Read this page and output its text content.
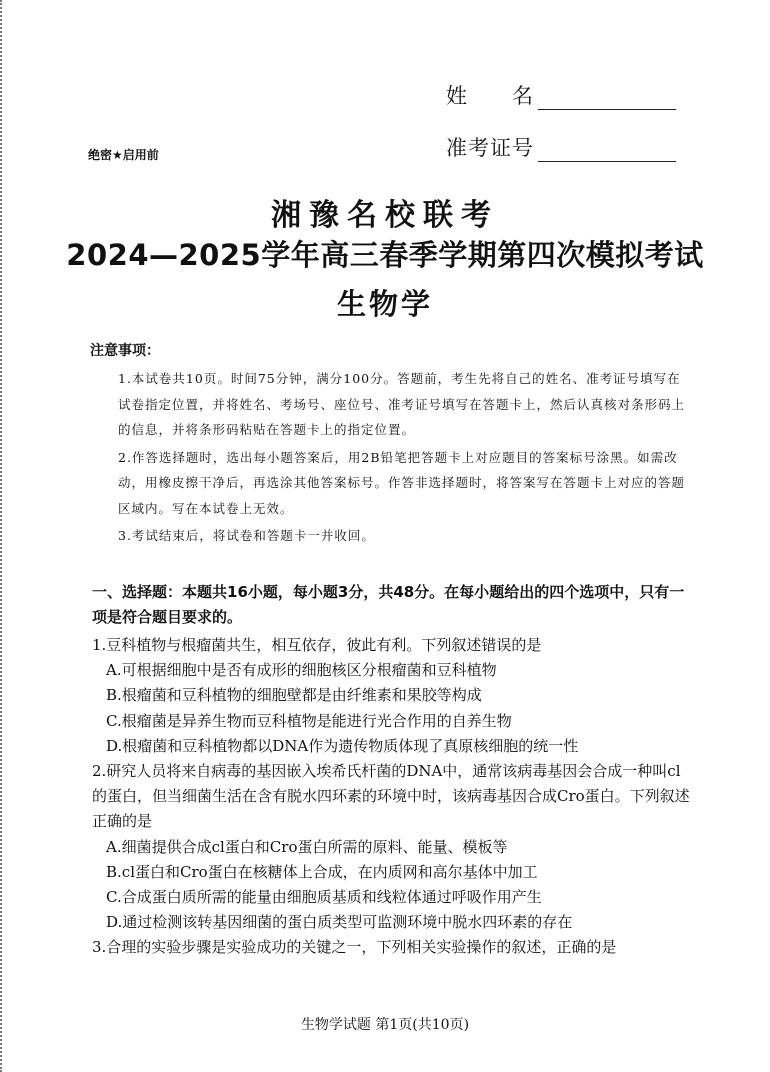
姓　　名
准考证号
绝密★启用前
湘豫名校联考
2024—2025学年高三春季学期第四次模拟考试
生物学
注意事项：

1.本试卷共10页。时间75分钟，满分100分。答题前，考生先将自己的姓名、准考证号填写在试卷指定位置，并将姓名、考场号、座位号、准考证号填写在答题卡上，然后认真核对条形码上的信息，并将条形码粘贴在答题卡上的指定位置。

2.作答选择题时，选出每小题答案后，用2B铅笔把答题卡上对应题目的答案标号涂黑。如需改动，用橡皮擦干净后，再选涂其他答案标号。作答非选择题时，将答案写在答题卡上对应的答题区域内。写在本试卷上无效。

3.考试结束后，将试卷和答题卡一并收回。

一、选择题：本题共16小题，每小题3分，共48分。在每小题给出的四个选项中，只有一项是符合题目要求的。

1.豆科植物与根瘤菌共生，相互依存，彼此有利。下列叙述错误的是

A.可根据细胞中是否有成形的细胞核区分根瘤菌和豆科植物

B.根瘤菌和豆科植物的细胞壁都是由纤维素和果胶等构成

C.根瘤菌是异养生物而豆科植物是能进行光合作用的自养生物

D.根瘤菌和豆科植物都以DNA作为遗传物质体现了真原核细胞的统一性

2.研究人员将来自病毒的基因嵌入埃希氏杆菌的DNA中，通常该病毒基因会合成一种叫cl的蛋白，但当细菌生活在含有脱水四环素的环境中时，该病毒基因合成Cro蛋白。下列叙述正确的是

A.细菌提供合成cl蛋白和Cro蛋白所需的原料、能量、模板等

B.cl蛋白和Cro蛋白在核糖体上合成，在内质网和高尔基体中加工

C.合成蛋白质所需的能量由细胞质基质和线粒体通过呼吸作用产生

D.通过检测该转基因细菌的蛋白质类型可监测环境中脱水四环素的存在

3.合理的实验步骤是实验成功的关键之一，下列相关实验操作的叙述，正确的是

生物学试题 第1页(共10页)
